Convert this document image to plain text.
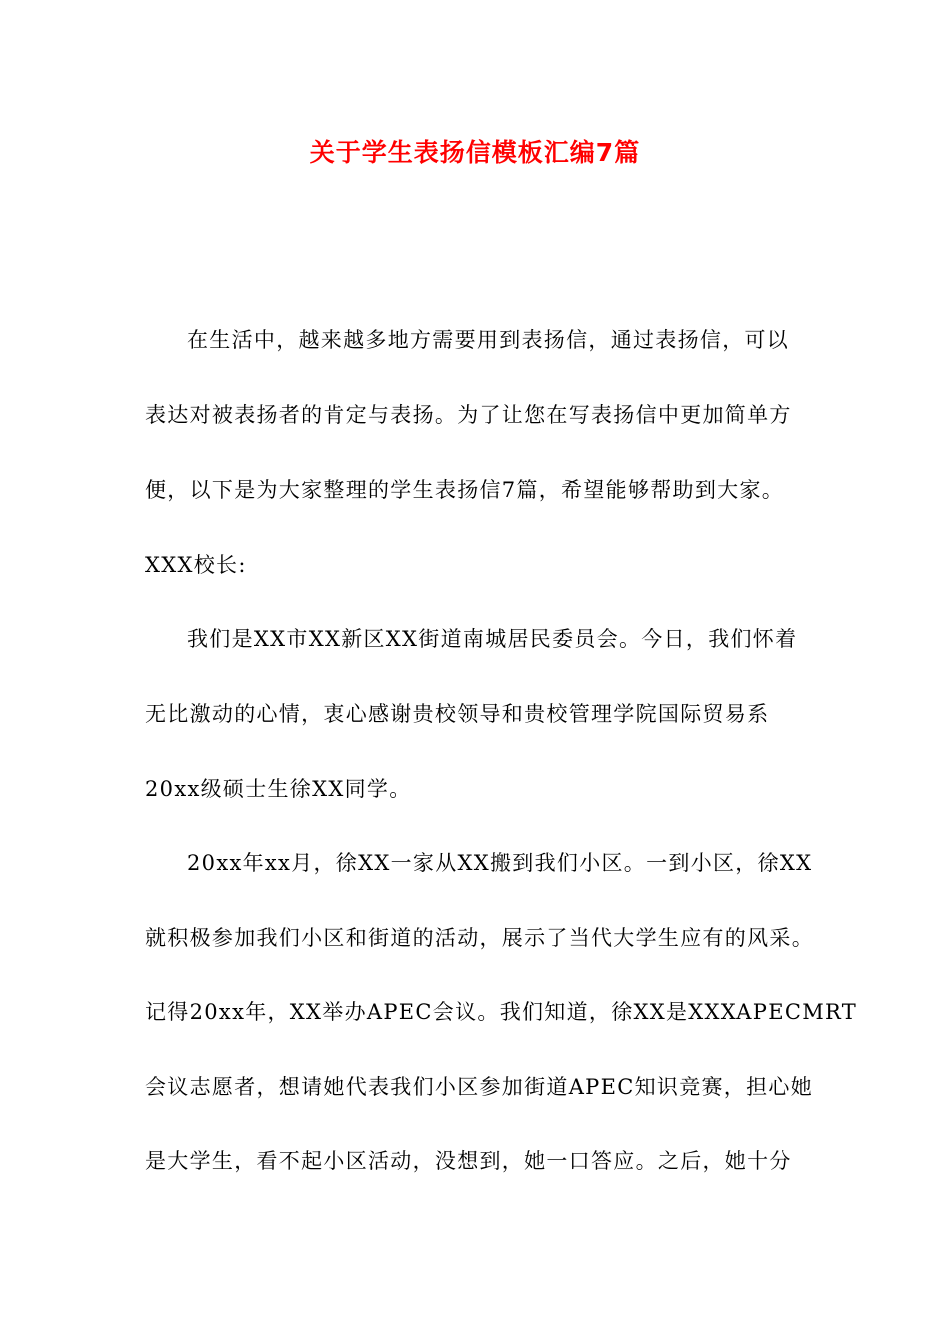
关于学生表扬信模板汇编7篇
在生活中，越来越多地方需要用到表扬信，通过表扬信，可以
表达对被表扬者的肯定与表扬。为了让您在写表扬信中更加简单方
便，以下是为大家整理的学生表扬信7篇，希望能够帮助到大家。
XXX校长:
我们是XX市XX新区XX街道南城居民委员会。今日，我们怀着
无比激动的心情，衷心感谢贵校领导和贵校管理学院国际贸易系
20xx级硕士生徐XX同学。
20xx年xx月，徐XX一家从XX搬到我们小区。一到小区，徐XX
就积极参加我们小区和街道的活动，展示了当代大学生应有的风采。
记得20xx年，XX举办APEC会议。我们知道，徐XX是XXXAPECMRT
会议志愿者，想请她代表我们小区参加街道APEC知识竞赛，担心她
是大学生，看不起小区活动，没想到，她一口答应。之后，她十分
